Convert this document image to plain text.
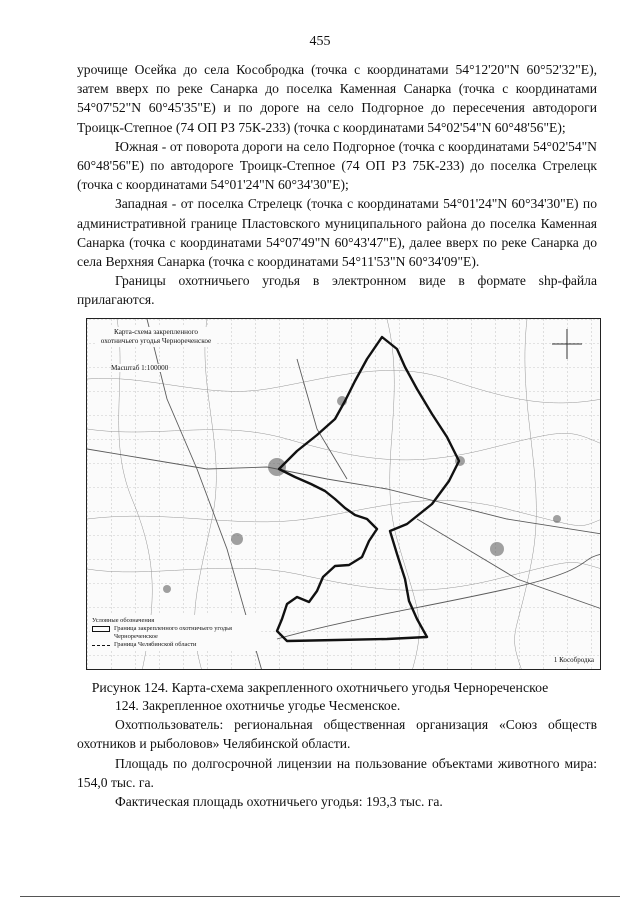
455

урочище Осейка до села Кособродка (точка с координатами 54°12'20"N 60°52'32"Е), затем вверх по реке Санарка до поселка Каменная Санарка (точка с координатами 54°07'52"N 60°45'35"Е) и по дороге на село Подгорное до пересечения автодороги Троицк-Степное (74 ОП РЗ 75К-233) (точка с координатами 54°02'54"N 60°48'56"Е);

Южная - от поворота дороги на село Подгорное (точка с координатами 54°02'54"N 60°48'56"Е) по автодороге Троицк-Степное (74 ОП РЗ 75К-233) до поселка Стрелецк (точка с координатами 54°01'24"N 60°34'30"Е);

Западная - от поселка Стрелецк (точка с координатами 54°01'24"N 60°34'30"Е) по административной границе Пластовского муниципального района до поселка Каменная Санарка (точка с координатами 54°07'49"N 60°43'47"Е), далее вверх по реке Санарка до села Верхняя Санарка (точка с координатами 54°11'53"N 60°34'09"Е).

Границы охотничьего угодья в электронном виде в формате shp-файла прилагаются.

Карта-схема закрепленного охотничьего угодья Чернореченское
Масштаб 1:100000
Условные обозначения
Граница закрепленного охотничьего угодья Чернореченское
Граница Челябинской области
1 Кособродка
Рисунок 124. Карта-схема закрепленного охотничьего угодья Чернореченское

124. Закрепленное охотничье угодье Чесменское.

Охотпользователь: региональная общественная организация «Союз обществ охотников и рыболовов» Челябинской области.

Площадь по долгосрочной лицензии на пользование объектами животного мира: 154,0 тыс. га.

Фактическая площадь охотничьего угодья: 193,3 тыс. га.
